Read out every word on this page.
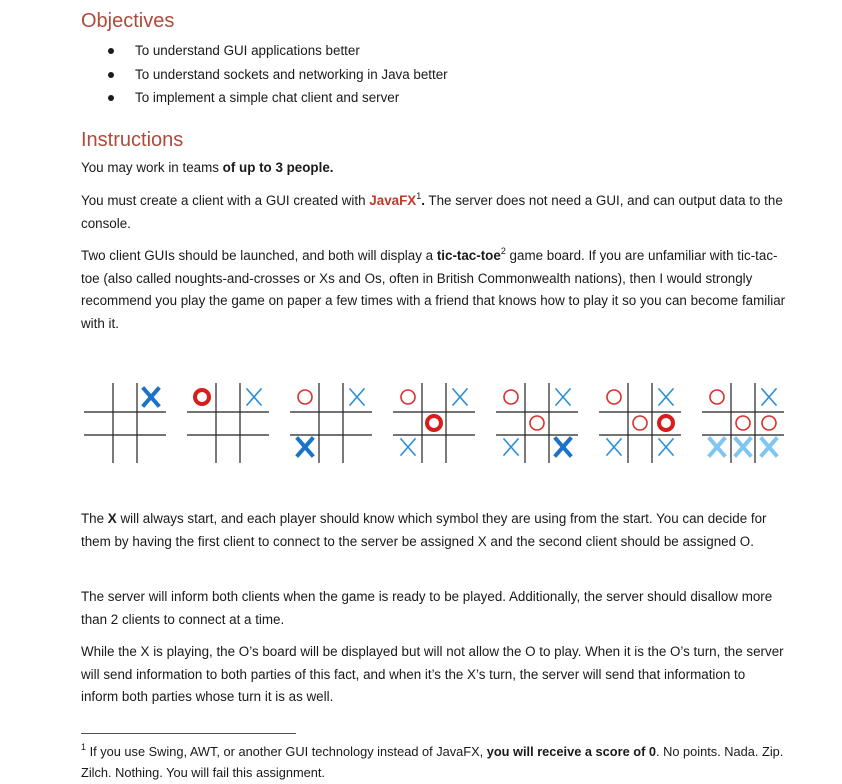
Objectives
To understand GUI applications better
To understand sockets and networking in Java better
To implement a simple chat client and server
Instructions

You may work in teams of up to 3 people.

You must create a client with a GUI created with JavaFX$^1$. The server does not need a GUI, and can output data to the console.

Two client GUIs should be launched, and both will display a tic-tac-toe$^2$ game board. If you are unfamiliar with tic-tac-toe (also called noughts-and-crosses or Xs and Os, often in British Commonwealth nations), then I would strongly recommend you play the game on paper a few times with a friend that knows how to play it so you can become familiar with it.

The X will always start, and each player should know which symbol they are using from the start. You can decide for them by having the first client to connect to the server be assigned X and the second client should be assigned O.

The server will inform both clients when the game is ready to be played. Additionally, the server should disallow more than 2 clients to connect at a time.

While the X is playing, the O’s board will be displayed but will not allow the O to play. When it is the O’s turn, the server will send information to both parties of this fact, and when it’s the X’s turn, the server will send that information to inform both parties whose turn it is as well.

$^1$ If you use Swing, AWT, or another GUI technology instead of JavaFX, you will receive a score of 0. No points. Nada. Zip. Zilch. Nothing. You will fail this assignment.
